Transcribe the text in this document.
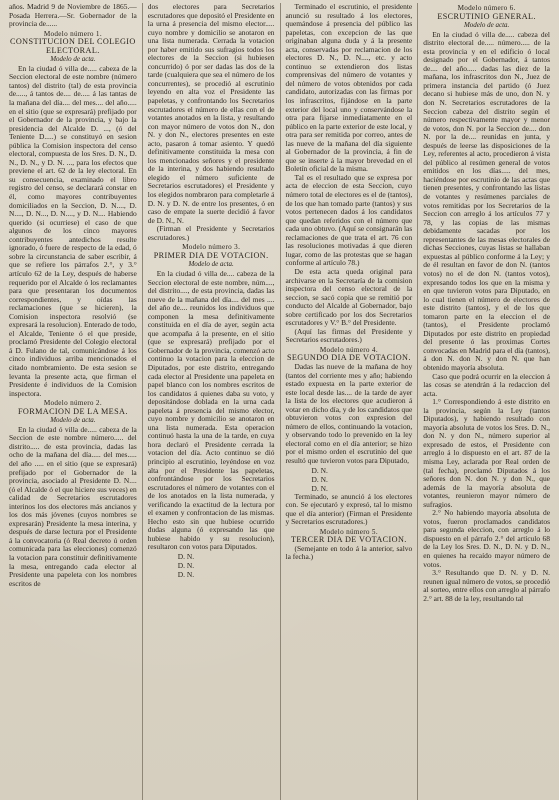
años. Madrid 9 de Noviembre de 1865.—Posada Herrera.—Sr. Gobernador de la provincia de......

Modelo número 1.
CONSTITUCION DEL COLEGIO ELECTORAL.
Modelo de acta.

En la ciudad ó villa de..... cabeza de la Seccion electoral de este nombre (número tantos) del distrito (tal) de esta provincia de....., á tantos de.... de..... á las tantas de la mañana del día.... del mes.... del año..... en el sitio (que se expresará) prefijado por el Gobernador de la provincia, y bajo la presidencia del Alcalde D. ..., (ó del Teniente D.....) se constituyó en sesion pública la Comision inspectora del censo electoral, compuesta de los Sres. D. N., D. N., D. N., y D. N. ..., para los efectos que previene el art. 62 de la ley electoral. En su consecuencia, examinado el libro registro del censo, se declarará constar en él, como mayores contribuyentes domiciliados en la Seccion, D. N...., D. N...., D. N..., D. N...., y D. N.... Habiendo querido (si ocurriese) el caso de que algunos de los cinco mayores contribuyentes antedichos resulte ignorado, ó fuere de respecto de la edad, ó sobre la circunstancia de saber escribir, á que se refiere los párrafos 2.°, y 3.° artículo 62 de la Ley, después de haberse requerido por el Alcalde ó los reclamantes para que presentaran los documentos correspondientes, y oídas las reclamaciones (que se hicieren), la Comision inspectora resolvió (se expresará la resolucion). Enterado de todo, el Alcalde, Teniente ó el que preside, proclamó Presidente del Colegio electoral á D. Fulano de tal, comunicándose á los cinco individuos arriba mencionados el citado nombramiento. De esta sesion se levanta la presente acta, que firman el Presidente é individuos de la Comision inspectora.

Modelo número 2.
FORMACION DE LA MESA.
Modelo de acta.

En la ciudad ó villa de..... cabeza de la Seccion de este nombre número..... del distrito..... de esta provincia, dadas las ocho de la mañana del día..... del mes..... del año ..... en el sitio (que se expresará) prefijado por el Gobernador de la provincia, asociado al Presidente D. N.... (ó el Alcalde ó el que hiciere sus veces) en calidad de Secretarios escrutadores interinos los dos electores más ancianos y los dos más jóvenes (cuyos nombres se expresarán) Presidente la mesa interina, y después de darse lectura por el Presidente á la convocatoria (ó Real decreto ú orden comunicada para las elecciones) comenzó la votacion para constituir definitivamente la mesa, entregando cada elector al Presidente una papeleta con los nombres escritos de

dos electores para Secretarios escrutadores que depositó el Presidente en la urna á presencia del mismo elector..... cuyo nombre y domicilio se anotaron en una lista numerada. Cerrada la votacion por haber emitido sus sufragios todos los electores de la Seccion (si hubiesen concurrido) ó por ser dadas las dos de la tarde (cualquiera que sea el número de los concurrentes), se procedió al escrutinio leyendo en alta voz el Presidente las papeletas, y confrontando los Secretarios escrutadores el número de ellas con el de votantes anotados en la lista, y resultando con mayor número de votos don N., don N. y don N., electores presentes en este acto, pasaron á tomar asiento. Y quedó definitivamente constituida la mesa con los mencionados señores y el presidente de la interina, y dos habiendo resultado elegido el número suficiente de Secretarios escrutadores) el Presidente y los elegidos nombraron para completarle á D. N. y D. N. de entre los presentes, ó en caso de empate la suerte decidió á favor de D. N., N.

(Firman el Presidente y Secretarios escrutadores.)

Modelo número 3.
PRIMER DIA DE VOTACION.
Modelo de acta.

En la ciudad ó villa de.... cabeza de la Seccion electoral de este nombre, núm...., del distrito...., de esta provincia, dadas las nueve de la mañana del día.... del mes .... del año de.... reunidos los individuos que componen la mesa definitivamente constituida en el día de ayer, según acta que acompaña á la presente, en el sitio (que se expresará) prefijado por el Gobernador de la provincia, comenzó acto continuo la votacion para la eleccion de Diputados, por este distrito, entregando cada elector al Presidente una papeleta en papel blanco con los nombres escritos de los candidatos á quienes daba su voto, y depositándose doblada en la urna cada papeleta á presencia del mismo elector, cuyo nombre y domicilio se anotaron en una lista numerada. Esta operacion continuó hasta la una de la tarde, en cuya hora declaró el Presidente cerrada la votacion del día. Acto continuo se dió principio al escrutinio, leyéndose en voz alta por el Presidente las papeletas, confrontándose por los Secretarios escrutadores el número de votantes con el de los anotados en la lista numerada, y verificando la exactitud de la lectura por el examen y confrontacion de las mismas. Hecho esto sin que hubiese ocurrido dudas alguna (ó expresando las que hubiese habido y su resolucion), resultaron con votos para Diputados.

D. N.
D. N.
D. N.

Terminado el escrutinio, el presidente anunció su resultado á los electores, quemándose á presencia del público las papeletas, con excepcion de las que originaban alguna duda y á la presente acta, conservadas por reclamacion de los electores D. N., D. N...., etc. y acto continuo se extendieron dos listas comprensivas del número de votantes y del número de votos obtenidos por cada candidato, autorizadas con las firmas por los infrascritos, fijándose en la parte exterior del local uno y conservándose la otra para fijarse inmediatamente en el público en la parte exterior de este local, y otra para ser remitida por correo, antes de las nueve de la mañana del día siguiente al Gobernador de la provincia, á fin de que se inserte á la mayor brevedad en el Boletín oficial de la misma.

Tal es el resultado que se expresa por acta de eleccion de esta Seccion, cuyo número total de electores es el de (tantos), de los que han tomado parte (tantos) y sus votos pertenecen dados á los candidatos que quedan referidos con el número que cada uno obtuvo. (Aquí se consignarán las reclamaciones de que trata el art. 76 con las resoluciones motivadas á que dieren lugar, como de las protestas que se hagan conforme al artículo 78.)

De esta acta queda original para archivarse en la Secretaría de la comision inspectora del censo electoral de la seccion, se sacó copia que se remitió por conducto del Alcalde al Gobernador, bajo sobre certificado por los dos Secretarios escrutadores y V.° B.° del Presidente.

(Aquí las firmas del Presidente y Secretarios escrutadores.)

Modelo número 4.
SEGUNDO DIA DE VOTACION.

Dadas las nueve de la mañana de hoy (tantos del corriente mes y año; habiendo estado expuesta en la parte exterior de este local desde las.... de la tarde de ayer la lista de los electores que acudieron á votar en dicho día, y de los candidatos que obtuvieron votos con expresion del número de ellos, continuando la votacion, y observando todo lo prevenido en la ley electoral como en el día anterior; se hizo por el mismo orden el escrutinio del que resultó que tuvieron votos para Diputado,

D. N.
D. N.
D. N.

Terminado, se anunció á los electores con. Se ejecutaró y expresó, tal lo mismo que el día anterior) (Firman el Presidente y Secretarios escrutadores.)

Modelo número 5.
TERCER DIA DE VOTACION.

(Semejante en todo á la anterior, salvo la fecha.)

Modelo número 6.
ESCRUTINIO GENERAL.
Modelo de acta.

En la ciudad ó villa de..... cabeza del distrito electoral de..... número..... de la esta provincia y en el edificio ó local designado por el Gobernador, á tantos de.... del año..... dadas las diez de la mañana, los infrascritos don N., Juez de primera instancia del partido (ó Juez decano si hubiese más de uno, don N. y don N. Secretarios escrutadores de la Seccion cabeza del distrito según el número respectivamente mayor y menor de votos, don N. por la Seccion de.... don N. por la de.... reunidas en junta, y después de leerse las disposiciones de la Ley, referentes al acto, procedieron á vista del público al resúmen general de votos emitidos en los días..... del mes, haciéndose por escrutinio de las actas que tienen presentes, y confrontando las listas de votantes y resúmenes parciales de votos remitidas por los Secretarios de la Seccion con arreglo á los artículos 77 y 78, y las copias de las mismas debidamente sacadas por los representantes de las mesas electorales de dichas Secciones, cuyas listas se hallaban expuestas al público conforme á la Ley; y de él resultan en favor de don N. (tantos votos) no el de don N. (tantos votos), expresando todos los que en la misma y en que tuvieron votos para Diputado, en lo cual tienen el número de electores de este distrito (tantos), y el de los que tomaron parte en la eleccion el de (tantos), el Presidente proclamó Diputados por este distrito en propiedad del presente ó las proximas Cortes convocadas en Madrid para el día (tantos), á don N. don N. y don N. que han obtenido mayoría absoluta.

Caso que podrá ocurrir en la eleccion á las cosas se atendrán á la redaccion del acta.

1.° Correspondiendo á este distrito en la provincia, según la Ley (tantos Diputados), y habiendo resultado con mayoría absoluta de votos los Sres. D. N., don N. y don N., número superior al expresado de estos, el Presidente con arreglo á lo dispuesto en el art. 87 de la misma Ley, aclarada por Real orden de (tal fecha), proclamó Diputados á los señores don N. don N. y don N., que además de la mayoría absoluta de votantes, reunieron mayor número de sufragios.

2.° No habiendo mayoría absoluta de votos, fueron proclamados candidatos para segunda eleccion, con arreglo á lo dispuesto en el párrafo 2.° del artículo 68 de la Ley los Sres. D. N., D. N. y D. N., en quienes ha recaído mayor número de votos.

3.° Resultando que D. N. y D. N. reunen igual número de votos, se procedió al sorteo, entre ellos con arreglo al párrafo 2.° art. 88 de la ley, resultando tal
